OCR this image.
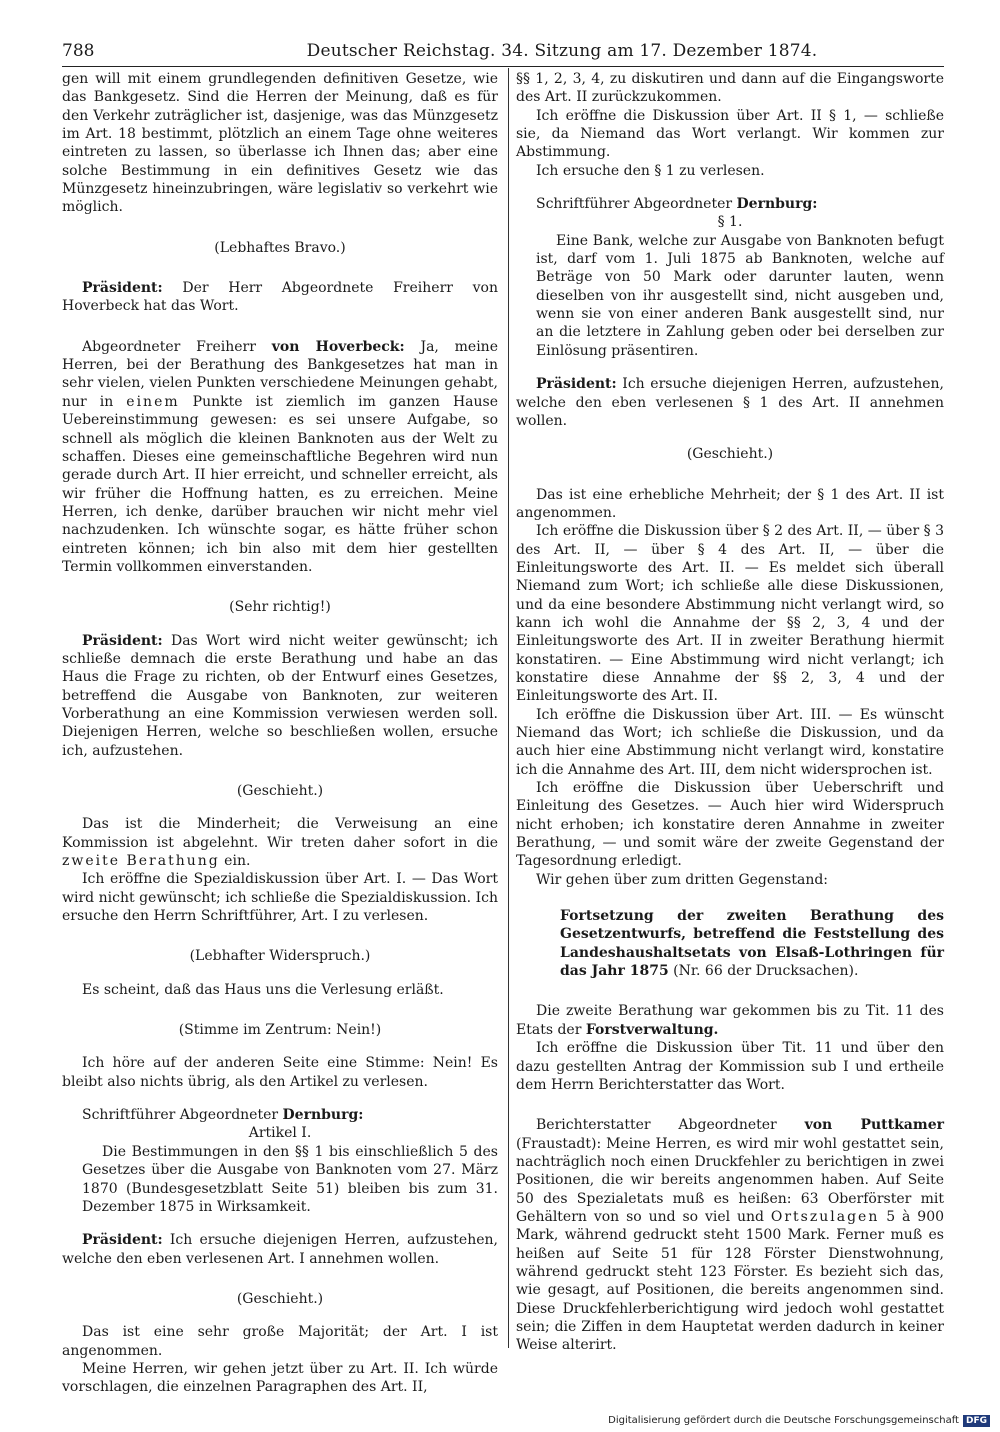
788	Deutscher Reichstag. 34. Sitzung am 17. Dezember 1874.

gen will mit einem grundlegenden definitiven Gesetze, wie das Bankgesetz. Sind die Herren der Meinung, daß es für den Verkehr zuträglicher ist, dasjenige, was das Münzgesetz im Art. 18 bestimmt, plötzlich an einem Tage ohne weiteres eintreten zu lassen, so überlasse ich Ihnen das; aber eine solche Bestimmung in ein definitives Gesetz wie das Münzgesetz hineinzubringen, wäre legislativ so verkehrt wie möglich.

(Lebhaftes Bravo.)

Präsident: Der Herr Abgeordnete Freiherr von Hoverbeck hat das Wort.

Abgeordneter Freiherr von Hoverbeck: Ja, meine Herren, bei der Berathung des Bankgesetzes hat man in sehr vielen, vielen Punkten verschiedene Meinungen gehabt, nur in einem Punkte ist ziemlich im ganzen Hause Uebereinstimmung gewesen: es sei unsere Aufgabe, so schnell als möglich die kleinen Banknoten aus der Welt zu schaffen. Dieses eine gemeinschaftliche Begehren wird nun gerade durch Art. II hier erreicht, und schneller erreicht, als wir früher die Hoffnung hatten, es zu erreichen. Meine Herren, ich denke, darüber brauchen wir nicht mehr viel nachzudenken. Ich wünschte sogar, es hätte früher schon eintreten können; ich bin also mit dem hier gestellten Termin vollkommen einverstanden.

(Sehr richtig!)

Präsident: Das Wort wird nicht weiter gewünscht; ich schließe demnach die erste Berathung und habe an das Haus die Frage zu richten, ob der Entwurf eines Gesetzes, betreffend die Ausgabe von Banknoten, zur weiteren Vorberathung an eine Kommission verwiesen werden soll. Diejenigen Herren, welche so beschließen wollen, ersuche ich, aufzustehen.

(Geschieht.)

Das ist die Minderheit; die Verweisung an eine Kommission ist abgelehnt. Wir treten daher sofort in die zweite Berathung ein.

Ich eröffne die Spezialdiskussion über Art. I. — Das Wort wird nicht gewünscht; ich schließe die Spezialdiskussion. Ich ersuche den Herrn Schriftführer, Art. I zu verlesen.

(Lebhafter Widerspruch.)

Es scheint, daß das Haus uns die Verlesung erläßt.

(Stimme im Zentrum: Nein!)

Ich höre auf der anderen Seite eine Stimme: Nein! Es bleibt also nichts übrig, als den Artikel zu verlesen.

Schriftführer Abgeordneter Dernburg:

Artikel I.

Die Bestimmungen in den §§ 1 bis einschließlich 5 des Gesetzes über die Ausgabe von Banknoten vom 27. März 1870 (Bundesgesetzblatt Seite 51) bleiben bis zum 31. Dezember 1875 in Wirksamkeit.

Präsident: Ich ersuche diejenigen Herren, aufzustehen, welche den eben verlesenen Art. I annehmen wollen.

(Geschieht.)

Das ist eine sehr große Majorität; der Art. I ist angenommen.

Meine Herren, wir gehen jetzt über zu Art. II. Ich würde vorschlagen, die einzelnen Paragraphen des Art. II,

§§ 1, 2, 3, 4, zu diskutiren und dann auf die Eingangsworte des Art. II zurückzukommen.

Ich eröffne die Diskussion über Art. II § 1, — schließe sie, da Niemand das Wort verlangt. Wir kommen zur Abstimmung.

Ich ersuche den § 1 zu verlesen.

Schriftführer Abgeordneter Dernburg:

§ 1.

Eine Bank, welche zur Ausgabe von Banknoten befugt ist, darf vom 1. Juli 1875 ab Banknoten, welche auf Beträge von 50 Mark oder darunter lauten, wenn dieselben von ihr ausgestellt sind, nicht ausgeben und, wenn sie von einer anderen Bank ausgestellt sind, nur an die letztere in Zahlung geben oder bei derselben zur Einlösung präsentiren.

Präsident: Ich ersuche diejenigen Herren, aufzustehen, welche den eben verlesenen § 1 des Art. II annehmen wollen.

(Geschieht.)

Das ist eine erhebliche Mehrheit; der § 1 des Art. II ist angenommen.

Ich eröffne die Diskussion über § 2 des Art. II, — über § 3 des Art. II, — über § 4 des Art. II, — über die Einleitungsworte des Art. II. — Es meldet sich überall Niemand zum Wort; ich schließe alle diese Diskussionen, und da eine besondere Abstimmung nicht verlangt wird, so kann ich wohl die Annahme der §§ 2, 3, 4 und der Einleitungsworte des Art. II in zweiter Berathung hiermit konstatiren. — Eine Abstimmung wird nicht verlangt; ich konstatire diese Annahme der §§ 2, 3, 4 und der Einleitungsworte des Art. II.

Ich eröffne die Diskussion über Art. III. — Es wünscht Niemand das Wort; ich schließe die Diskussion, und da auch hier eine Abstimmung nicht verlangt wird, konstatire ich die Annahme des Art. III, dem nicht widersprochen ist.

Ich eröffne die Diskussion über Ueberschrift und Einleitung des Gesetzes. — Auch hier wird Widerspruch nicht erhoben; ich konstatire deren Annahme in zweiter Berathung, — und somit wäre der zweite Gegenstand der Tagesordnung erledigt.

Wir gehen über zum dritten Gegenstand:

Fortsetzung der zweiten Berathung des Gesetzentwurfs, betreffend die Feststellung des Landeshaushaltsetats von Elsaß-Lothringen für das Jahr 1875 (Nr. 66 der Drucksachen).

Die zweite Berathung war gekommen bis zu Tit. 11 des Etats der Forstverwaltung.

Ich eröffne die Diskussion über Tit. 11 und über den dazu gestellten Antrag der Kommission sub I und ertheile dem Herrn Berichterstatter das Wort.

Berichterstatter Abgeordneter von Puttkamer (Fraustadt): Meine Herren, es wird mir wohl gestattet sein, nachträglich noch einen Druckfehler zu berichtigen in zwei Positionen, die wir bereits angenommen haben. Auf Seite 50 des Spezialetats muß es heißen: 63 Oberförster mit Gehältern von so und so viel und Ortszulagen 5 à 900 Mark, während gedruckt steht 1500 Mark. Ferner muß es heißen auf Seite 51 für 128 Förster Dienstwohnung, während gedruckt steht 123 Förster. Es bezieht sich das, wie gesagt, auf Positionen, die bereits angenommen sind. Diese Druckfehlerberichtigung wird jedoch wohl gestattet sein; die Ziffen in dem Hauptetat werden dadurch in keiner Weise alterirt.

Digitalisierung gefördert durch die Deutsche Forschungsgemeinschaft DFG
